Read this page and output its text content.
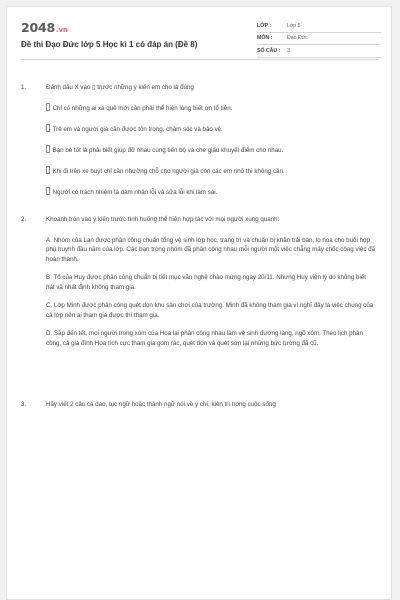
2048.vn
Đề thi Đạo Đức lớp 5 Học kì 1 có đáp án (Đề 8)
LỚP :	Lớp 5
MÔN :	Đạo Đức
SỐ CÂU :	3
1.	Đánh dấu X vào ▯ trước những ý kiến em cho là đúng
Chỉ có những ai xa quê mới cần phải thể hiện lòng biết ơn tổ tiên.
Trẻ em và người già cần được tôn trọng, chăm sóc và bảo vệ.
Bạn bè tốt là phải biết giúp đỡ nhau cùng tiến bộ và che giấu khuyết điểm cho nhau.
Khi đi trên xe buýt chỉ cần nhường chỗ cho người già còn các em nhỏ thì không cần.
Người có trách nhiệm là dám nhận lỗi và sửa lỗi khi làm sai.
2.	Khoanh tròn vào ý kiến trước tình huống thể hiện hợp tác với mọi người xung quanh:
A. Nhóm của Lan được phân công chuẩn tổng vệ sinh lớp học, trang trí và chuẩn bị khăn trải bàn, lọ hoa cho buổi họp phụ huynh đầu năm của lớp. Các bạn trong nhóm đã phân công nhau mỗi người một việc chẳng mấy chốc công việc đã hoàn thành.
B. Tổ của Huy được phân công chuẩn bị tiết mục văn nghệ chào mừng ngày 20/11. Nhưng Huy viện lý do không biết hát và nhất định không tham gia.
C. Lớp Minh được phân công quét dọn khu sân chơi của trường. Minh đã không tham gia vì nghĩ đây là việc chung của cả lớp nên ai tham gia được thì tham gia.
D. Sắp đến tết, mọi người trong xóm của Hoa lại phân công nhau làm vệ sinh đường làng, ngõ xóm. Theo lịch phân công, cả gia đình Hoa tích cực tham gia gom rác, quét dọn và quét sơn lại những bức tường đã cũ.
3.	Hãy viết 2 câu ca dao, tục ngữ hoặc thành ngữ nói về ý chí, kiên trì trong cuộc sống
